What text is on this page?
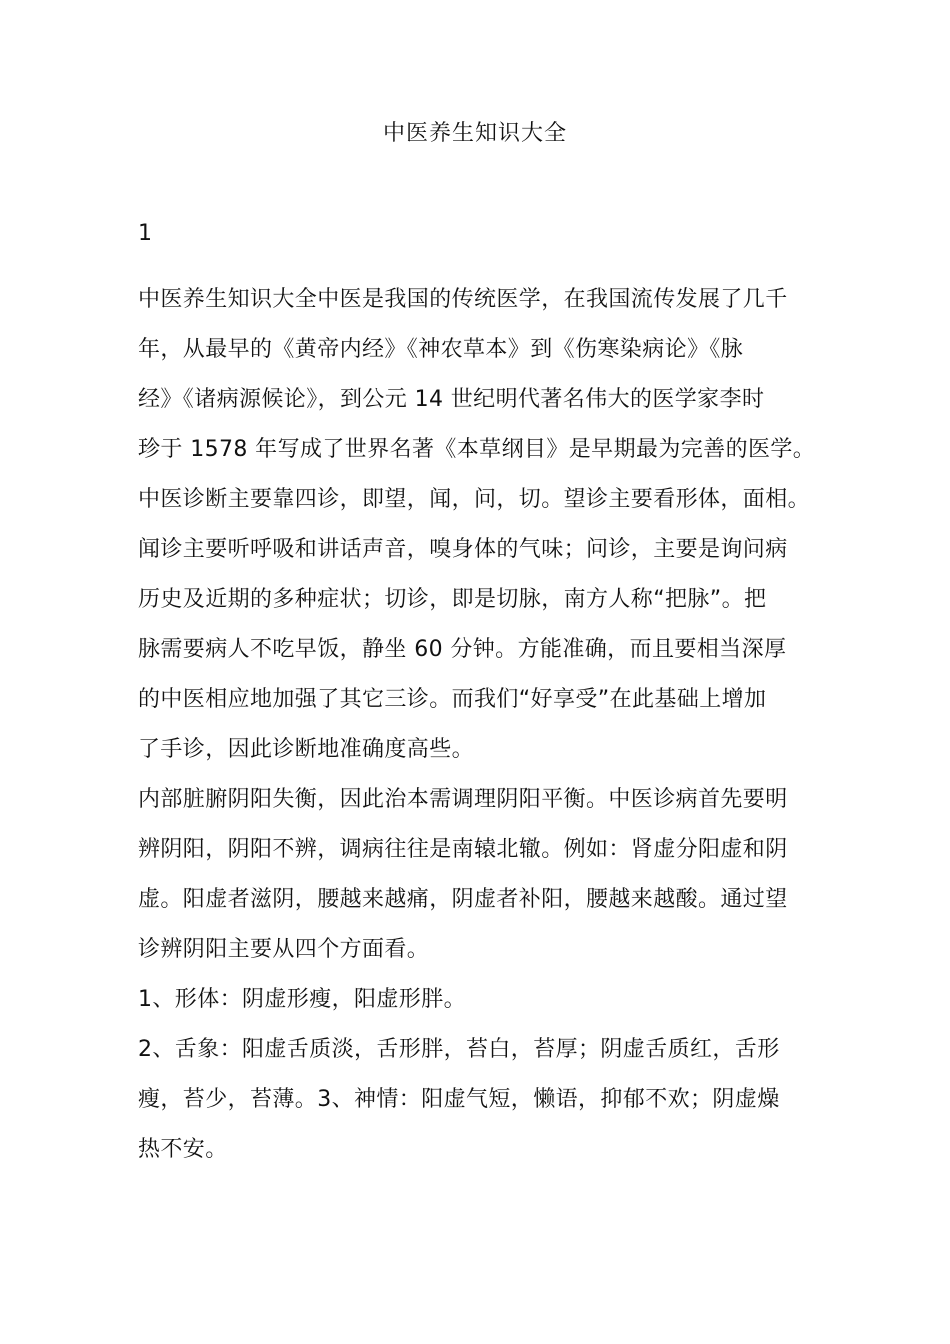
中医养生知识大全
1
中医养生知识大全中医是我国的传统医学，在我国流传发展了几千
年，从最早的《黄帝内经》《神农草本》到《伤寒染病论》《脉
经》《诸病源候论》，到公元 14 世纪明代著名伟大的医学家李时
珍于 1578 年写成了世界名著《本草纲目》是早期最为完善的医学。
中医诊断主要靠四诊，即望，闻，问，切。望诊主要看形体，面相。
闻诊主要听呼吸和讲话声音，嗅身体的气味；问诊，主要是询问病
历史及近期的多种症状；切诊，即是切脉，南方人称“把脉”。把
脉需要病人不吃早饭，静坐 60 分钟。方能准确，而且要相当深厚
的中医相应地加强了其它三诊。而我们“好享受”在此基础上增加
了手诊，因此诊断地准确度高些。
内部脏腑阴阳失衡，因此治本需调理阴阳平衡。中医诊病首先要明
辨阴阳，阴阳不辨，调病往往是南辕北辙。例如：肾虚分阳虚和阴
虚。阳虚者滋阴，腰越来越痛，阴虚者补阳，腰越来越酸。通过望
诊辨阴阳主要从四个方面看。
1、形体：阴虚形瘦，阳虚形胖。
2、舌象：阳虚舌质淡，舌形胖，苔白，苔厚；阴虚舌质红，舌形
瘦，苔少，苔薄。3、神情：阳虚气短，懒语，抑郁不欢；阴虚燥
热不安。
